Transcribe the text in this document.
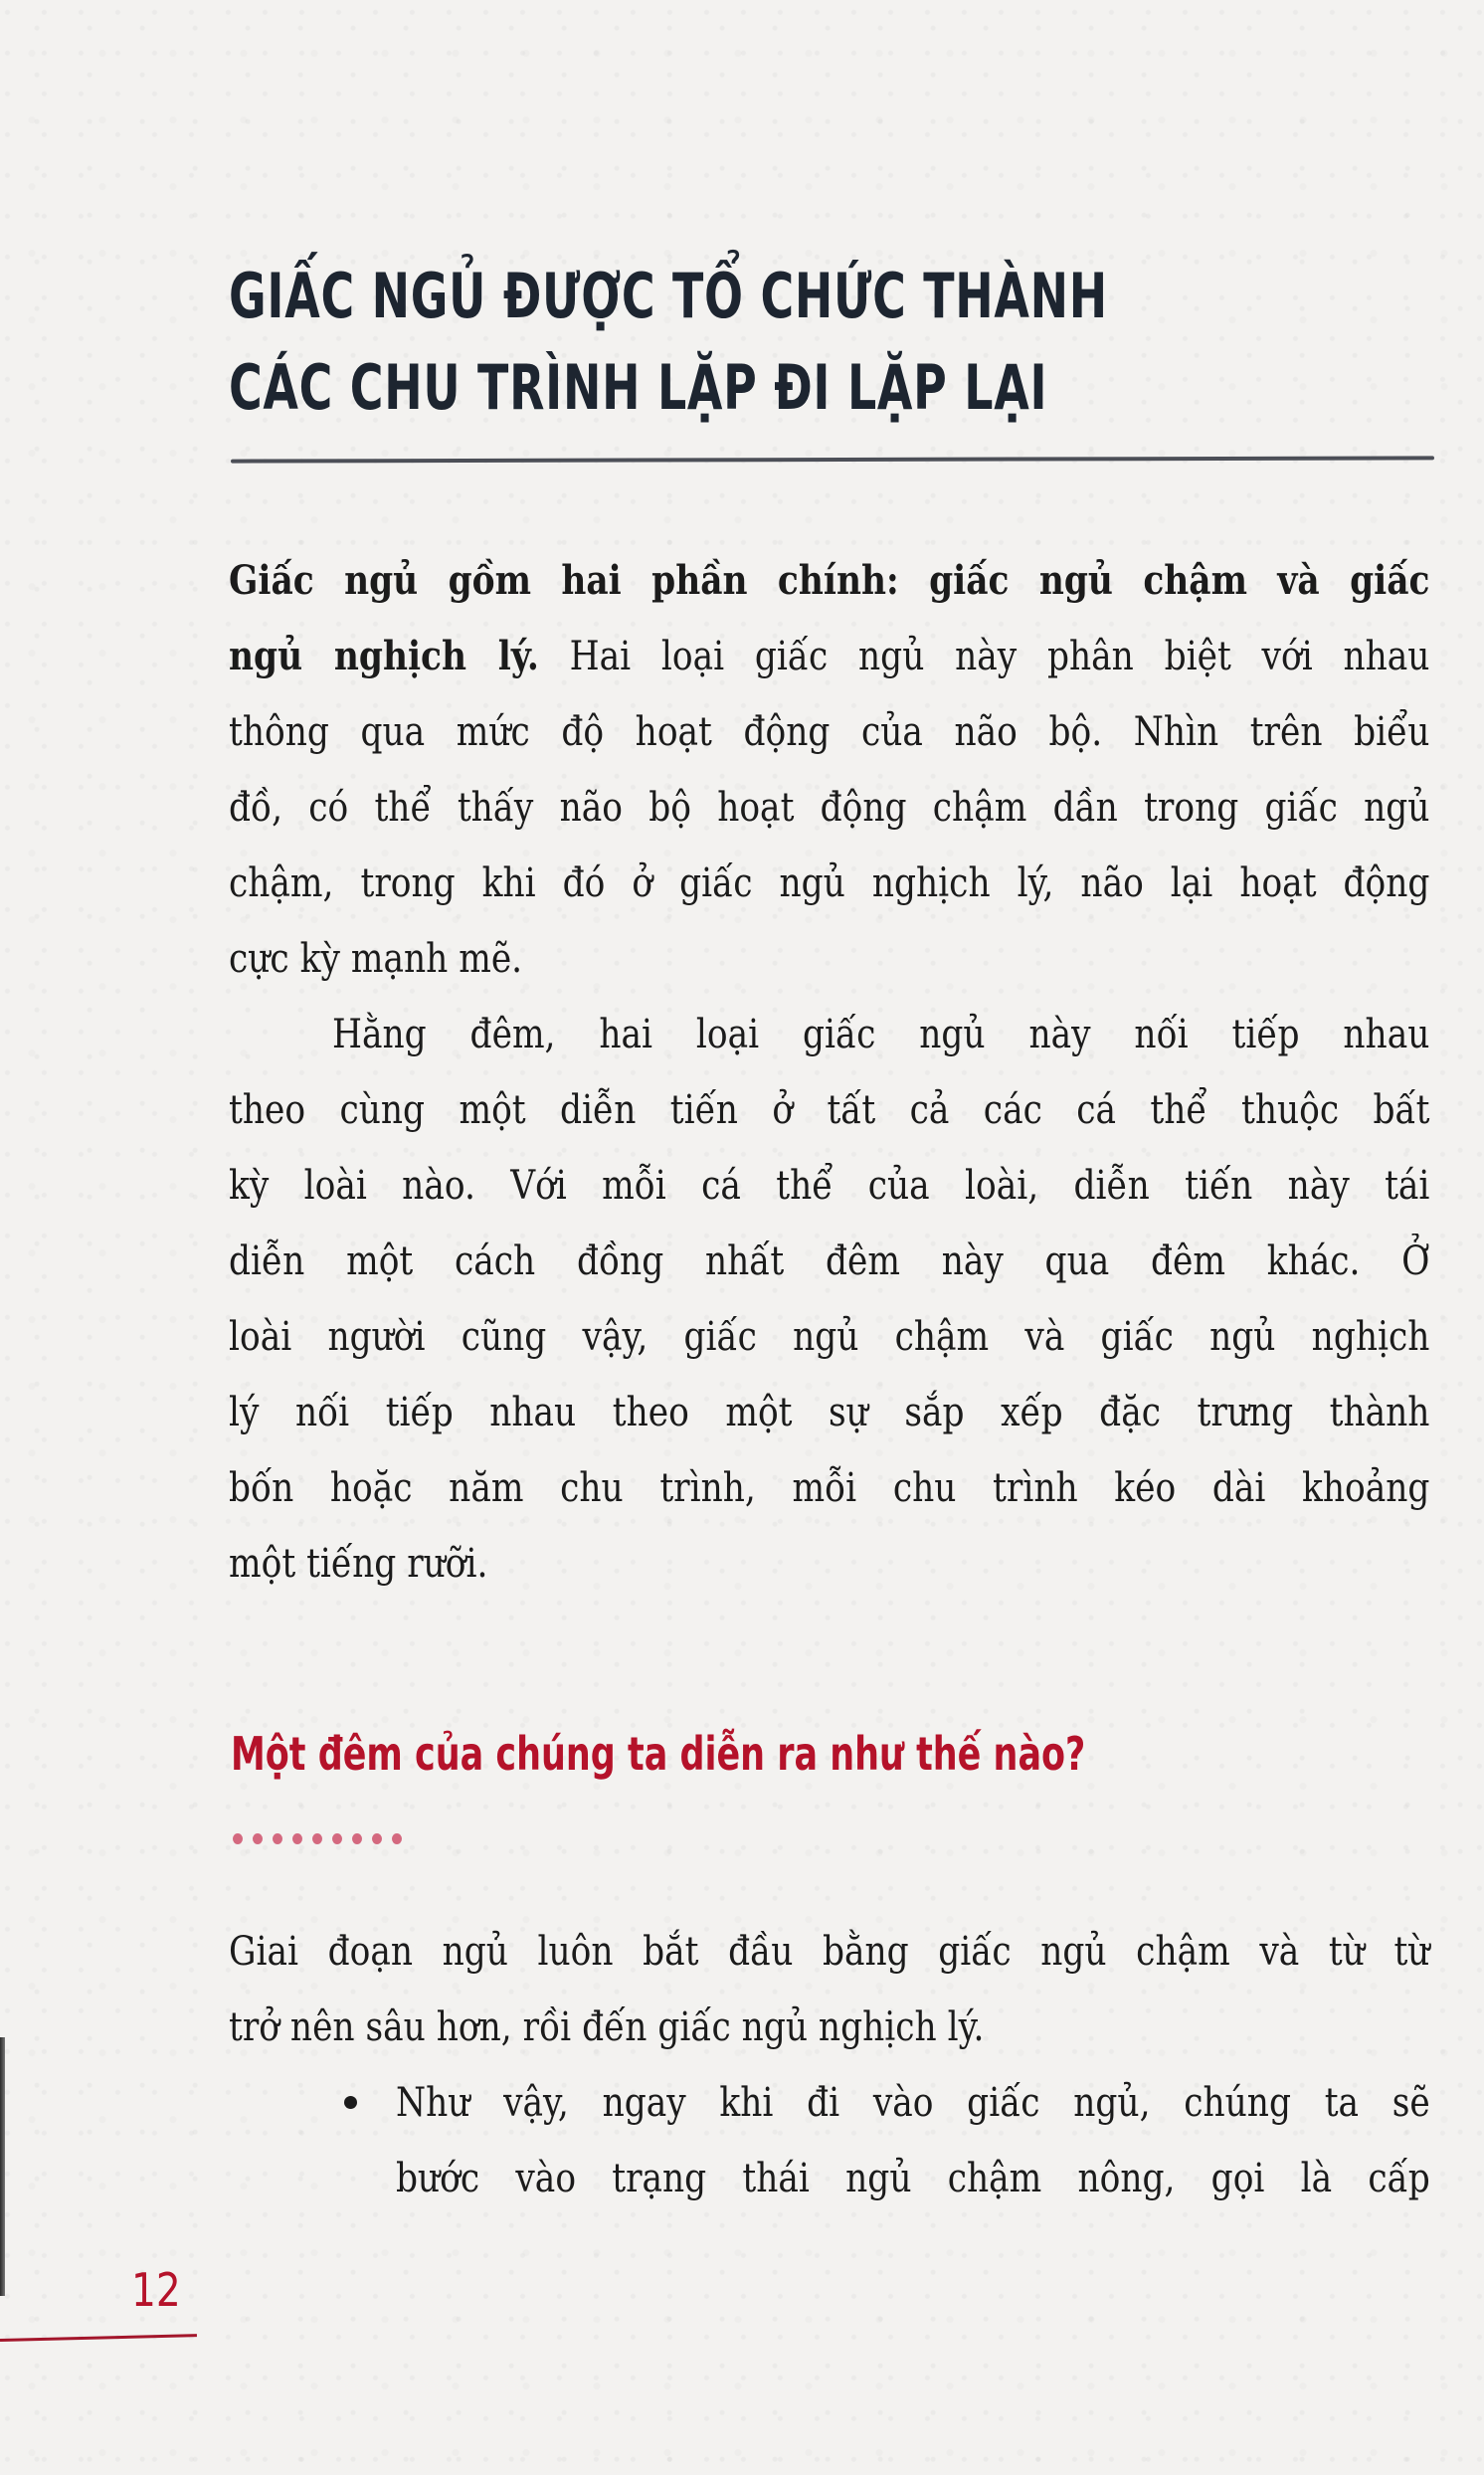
GIẤC NGỦ ĐƯỢC TỔ CHỨC THÀNH
CÁC CHU TRÌNH LẶP ĐI LẶP LẠI
Giấc ngủ gồm hai phần chính: giấc ngủ chậm và giấc
ngủ nghịch lý. Hai loại giấc ngủ này phân biệt với nhau
thông qua mức độ hoạt động của não bộ. Nhìn trên biểu
đồ, có thể thấy não bộ hoạt động chậm dần trong giấc ngủ
chậm, trong khi đó ở giấc ngủ nghịch lý, não lại hoạt động
cực kỳ mạnh mẽ.
Hằng đêm, hai loại giấc ngủ này nối tiếp nhau
theo cùng một diễn tiến ở tất cả các cá thể thuộc bất
kỳ loài nào. Với mỗi cá thể của loài, diễn tiến này tái
diễn một cách đồng nhất đêm này qua đêm khác. Ở
loài người cũng vậy, giấc ngủ chậm và giấc ngủ nghịch
lý nối tiếp nhau theo một sự sắp xếp đặc trưng thành
bốn hoặc năm chu trình, mỗi chu trình kéo dài khoảng
một tiếng rưỡi.
Một đêm của chúng ta diễn ra như thế nào?
Giai đoạn ngủ luôn bắt đầu bằng giấc ngủ chậm và từ từ
trở nên sâu hơn, rồi đến giấc ngủ nghịch lý.
Như vậy, ngay khi đi vào giấc ngủ, chúng ta sẽ
bước vào trạng thái ngủ chậm nông, gọi là cấp
12
